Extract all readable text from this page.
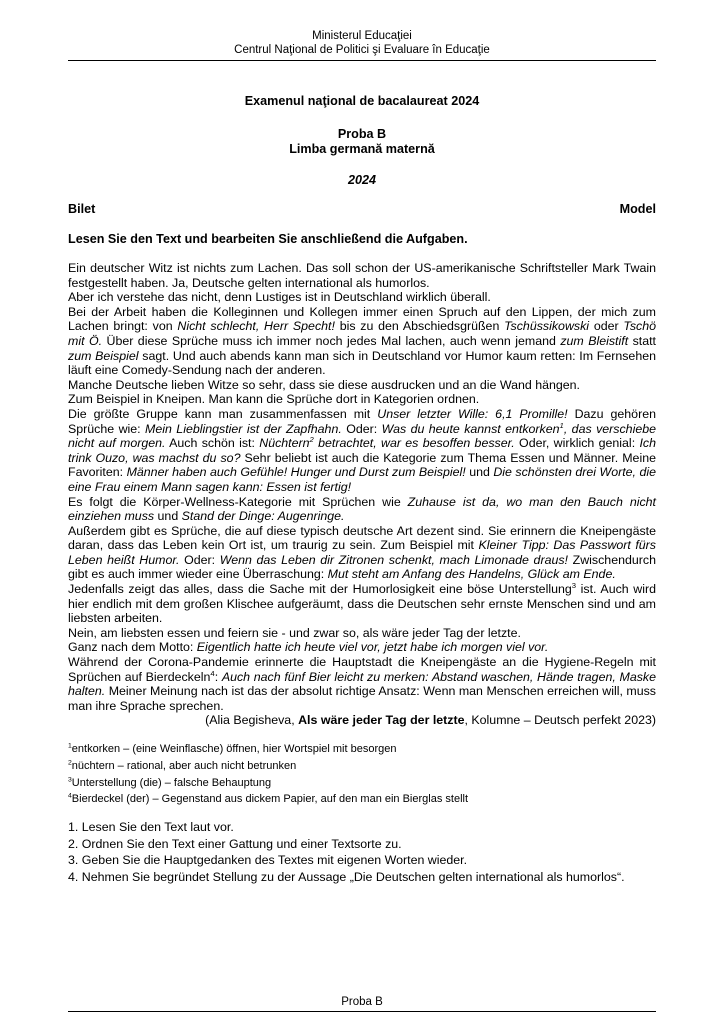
Ministerul Educaţiei
Centrul Naţional de Politici şi Evaluare în Educaţie
Examenul naţional de bacalaureat 2024
Proba B
Limba germană maternă
2024
Bilet	Model
Lesen Sie den Text und bearbeiten Sie anschließend die Aufgaben.

Ein deutscher Witz ist nichts zum Lachen. Das soll schon der US-amerikanische Schriftsteller Mark Twain festgestellt haben. Ja, Deutsche gelten international als humorlos.

Aber ich verstehe das nicht, denn Lustiges ist in Deutschland wirklich überall.

Bei der Arbeit haben die Kolleginnen und Kollegen immer einen Spruch auf den Lippen, der mich zum Lachen bringt: von Nicht schlecht, Herr Specht! bis zu den Abschiedsgrüßen Tschüssikowski oder Tschö mit Ö. Über diese Sprüche muss ich immer noch jedes Mal lachen, auch wenn jemand zum Bleistift statt zum Beispiel sagt. Und auch abends kann man sich in Deutschland vor Humor kaum retten: Im Fernsehen läuft eine Comedy-Sendung nach der anderen.

Manche Deutsche lieben Witze so sehr, dass sie diese ausdrucken und an die Wand hängen.

Zum Beispiel in Kneipen. Man kann die Sprüche dort in Kategorien ordnen.

Die größte Gruppe kann man zusammenfassen mit Unser letzter Wille: 6,1 Promille! Dazu gehören Sprüche wie: Mein Lieblingstier ist der Zapfhahn. Oder: Was du heute kannst entkorken$^1$, das verschiebe nicht auf morgen. Auch schön ist: Nüchtern$^2$ betrachtet, war es besoffen besser. Oder, wirklich genial: Ich trink Ouzo, was machst du so? Sehr beliebt ist auch die Kategorie zum Thema Essen und Männer. Meine Favoriten: Männer haben auch Gefühle! Hunger und Durst zum Beispiel! und Die schönsten drei Worte, die eine Frau einem Mann sagen kann: Essen ist fertig!

Es folgt die Körper-Wellness-Kategorie mit Sprüchen wie Zuhause ist da, wo man den Bauch nicht einziehen muss und Stand der Dinge: Augenringe.

Außerdem gibt es Sprüche, die auf diese typisch deutsche Art dezent sind. Sie erinnern die Kneipengäste daran, dass das Leben kein Ort ist, um traurig zu sein. Zum Beispiel mit Kleiner Tipp: Das Passwort fürs Leben heißt Humor. Oder: Wenn das Leben dir Zitronen schenkt, mach Limonade draus! Zwischendurch gibt es auch immer wieder eine Überraschung: Mut steht am Anfang des Handelns, Glück am Ende.

Jedenfalls zeigt das alles, dass die Sache mit der Humorlosigkeit eine böse Unterstellung$^3$ ist. Auch wird hier endlich mit dem großen Klischee aufgeräumt, dass die Deutschen sehr ernste Menschen sind und am liebsten arbeiten.

Nein, am liebsten essen und feiern sie - und zwar so, als wäre jeder Tag der letzte.

Ganz nach dem Motto: Eigentlich hatte ich heute viel vor, jetzt habe ich morgen viel vor.

Während der Corona-Pandemie erinnerte die Hauptstadt die Kneipengäste an die Hygiene-Regeln mit Sprüchen auf Bierdeckeln$^4$: Auch nach fünf Bier leicht zu merken: Abstand waschen, Hände tragen, Maske halten. Meiner Meinung nach ist das der absolut richtige Ansatz: Wenn man Menschen erreichen will, muss man ihre Sprache sprechen.

(Alia Begisheva, Als wäre jeder Tag der letzte, Kolumne – Deutsch perfekt 2023)
$^1$entkorken – (eine Weinflasche) öffnen, hier Wortspiel mit besorgen
$^2$nüchtern – rational, aber auch nicht betrunken
$^3$Unterstellung (die) – falsche Behauptung
$^4$Bierdeckel (der) – Gegenstand aus dickem Papier, auf den man ein Bierglas stellt
1. Lesen Sie den Text laut vor.
2. Ordnen Sie den Text einer Gattung und einer Textsorte zu.
3. Geben Sie die Hauptgedanken des Textes mit eigenen Worten wieder.
4. Nehmen Sie begründet Stellung zu der Aussage „Die Deutschen gelten international als humorlos“.
Proba B
